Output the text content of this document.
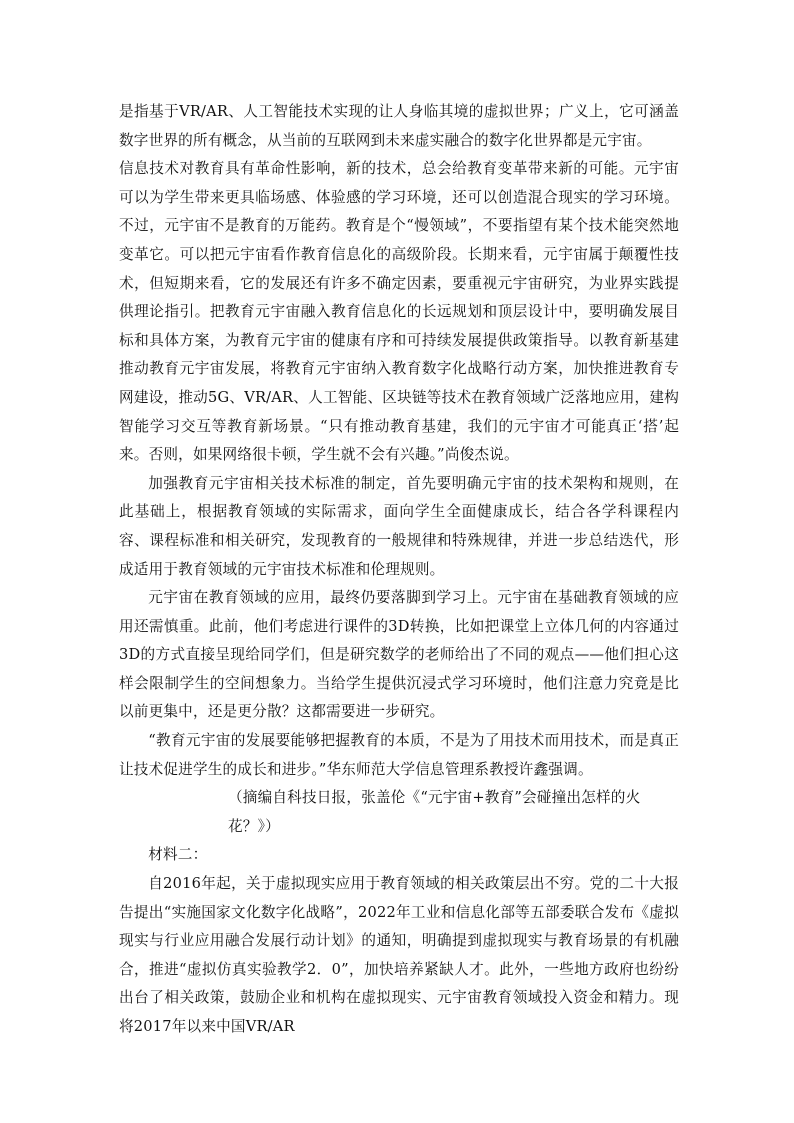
是指基于VR/AR、人工智能技术实现的让人身临其境的虚拟世界；广义上，它可涵盖数字世界的所有概念，从当前的互联网到未来虚实融合的数字化世界都是元宇宙。

信息技术对教育具有革命性影响，新的技术，总会给教育变革带来新的可能。元宇宙可以为学生带来更具临场感、体验感的学习环境，还可以创造混合现实的学习环境。不过，元宇宙不是教育的万能药。教育是个“慢领域”，不要指望有某个技术能突然地变革它。可以把元宇宙看作教育信息化的高级阶段。长期来看，元宇宙属于颠覆性技术，但短期来看，它的发展还有许多不确定因素，要重视元宇宙研究，为业界实践提供理论指引。把教育元宇宙融入教育信息化的长远规划和顶层设计中，要明确发展目标和具体方案，为教育元宇宙的健康有序和可持续发展提供政策指导。以教育新基建推动教育元宇宙发展，将教育元宇宙纳入教育数字化战略行动方案，加快推进教育专网建设，推动5G、VR/AR、人工智能、区块链等技术在教育领域广泛落地应用，建构智能学习交互等教育新场景。“只有推动教育基建，我们的元宇宙才可能真正‘搭’起来。否则，如果网络很卡顿，学生就不会有兴趣。”尚俊杰说。

加强教育元宇宙相关技术标准的制定，首先要明确元宇宙的技术架构和规则，在此基础上，根据教育领域的实际需求，面向学生全面健康成长，结合各学科课程内容、课程标准和相关研究，发现教育的一般规律和特殊规律，并进一步总结迭代，形成适用于教育领域的元宇宙技术标准和伦理规则。

元宇宙在教育领域的应用，最终仍要落脚到学习上。元宇宙在基础教育领域的应用还需慎重。此前，他们考虑进行课件的3D转换，比如把课堂上立体几何的内容通过3D的方式直接呈现给同学们，但是研究数学的老师给出了不同的观点——他们担心这样会限制学生的空间想象力。当给学生提供沉浸式学习环境时，他们注意力究竟是比以前更集中，还是更分散？这都需要进一步研究。

“教育元宇宙的发展要能够把握教育的本质，不是为了用技术而用技术，而是真正让技术促进学生的成长和进步。”华东师范大学信息管理系教授许鑫强调。

（摘编自科技日报，张盖伦《“元宇宙+教育”会碰撞出怎样的火花？》）

材料二：

自2016年起，关于虚拟现实应用于教育领域的相关政策层出不穷。党的二十大报告提出“实施国家文化数字化战略”，2022年工业和信息化部等五部委联合发布《虚拟现实与行业应用融合发展行动计划》的通知，明确提到虚拟现实与教育场景的有机融合，推进“虚拟仿真实验教学2．0”，加快培养紧缺人才。此外，一些地方政府也纷纷出台了相关政策，鼓励企业和机构在虚拟现实、元宇宙教育领域投入资金和精力。现将2017年以来中国VR/AR
